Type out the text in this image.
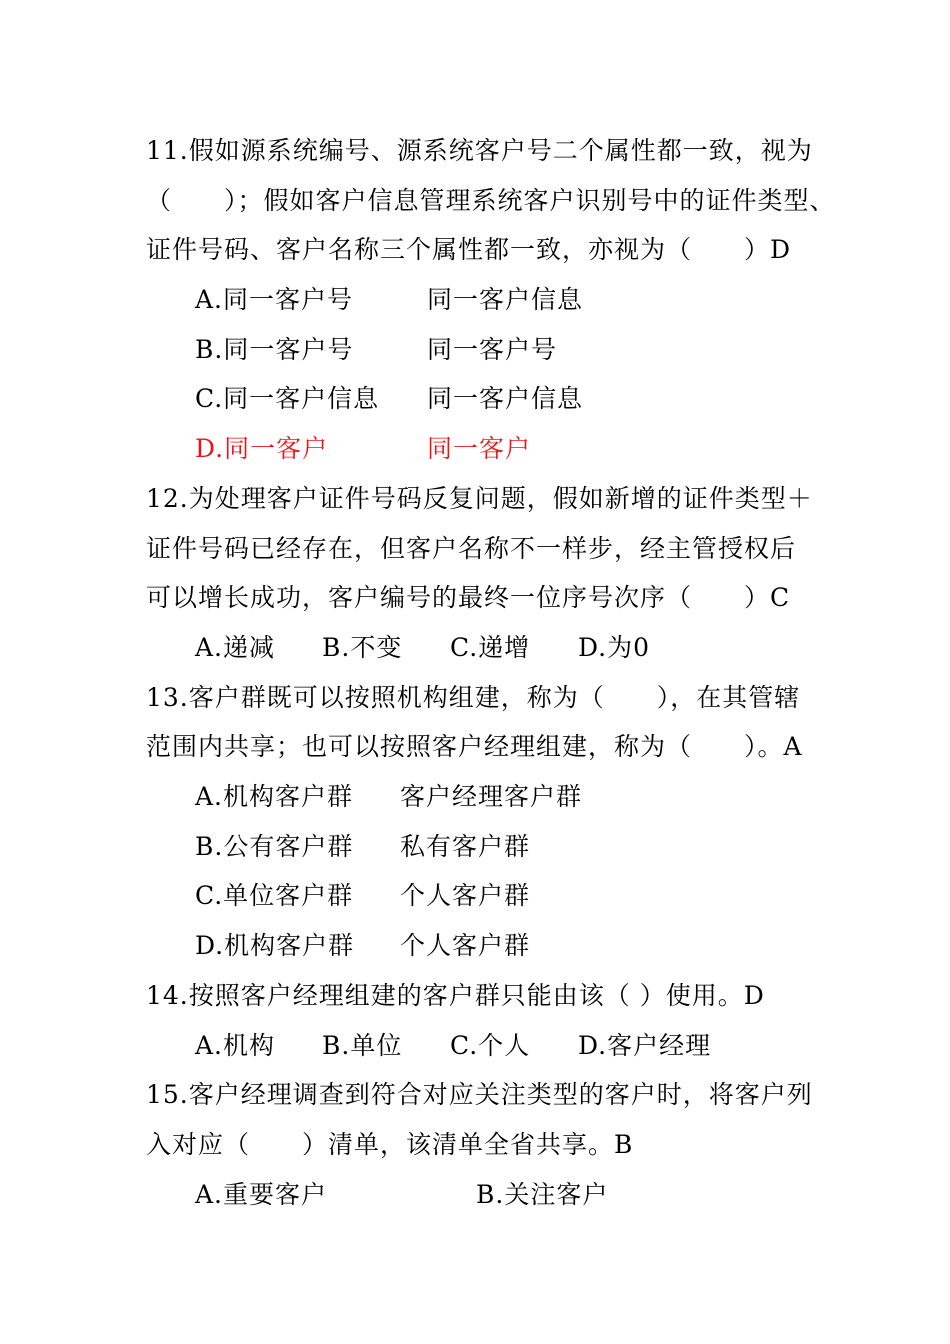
11.假如源系统编号、源系统客户号二个属性都一致，视为
（　　）；假如客户信息管理系统客户识别号中的证件类型、
证件号码、客户名称三个属性都一致，亦视为（　　）D
A.同一客户号	同一客户信息
B.同一客户号	同一客户号
C.同一客户信息 同一客户信息
D.同一客户	同一客户
12.为处理客户证件号码反复问题，假如新增的证件类型＋
证件号码已经存在，但客户名称不一样步，经主管授权后
可以增长成功，客户编号的最终一位序号次序（　　）C
A.递减 B.不变 C.递增 D.为0
13.客户群既可以按照机构组建，称为（　　），在其管辖
范围内共享；也可以按照客户经理组建，称为（　　）。A
A.机构客户群 客户经理客户群
B.公有客户群 私有客户群
C.单位客户群 个人客户群
D.机构客户群 个人客户群
14.按照客户经理组建的客户群只能由该（ ）使用。D
A.机构 B.单位 C.个人 D.客户经理
15.客户经理调查到符合对应关注类型的客户时，将客户列
入对应（　　）清单，该清单全省共享。B
A.重要客户	B.关注客户
